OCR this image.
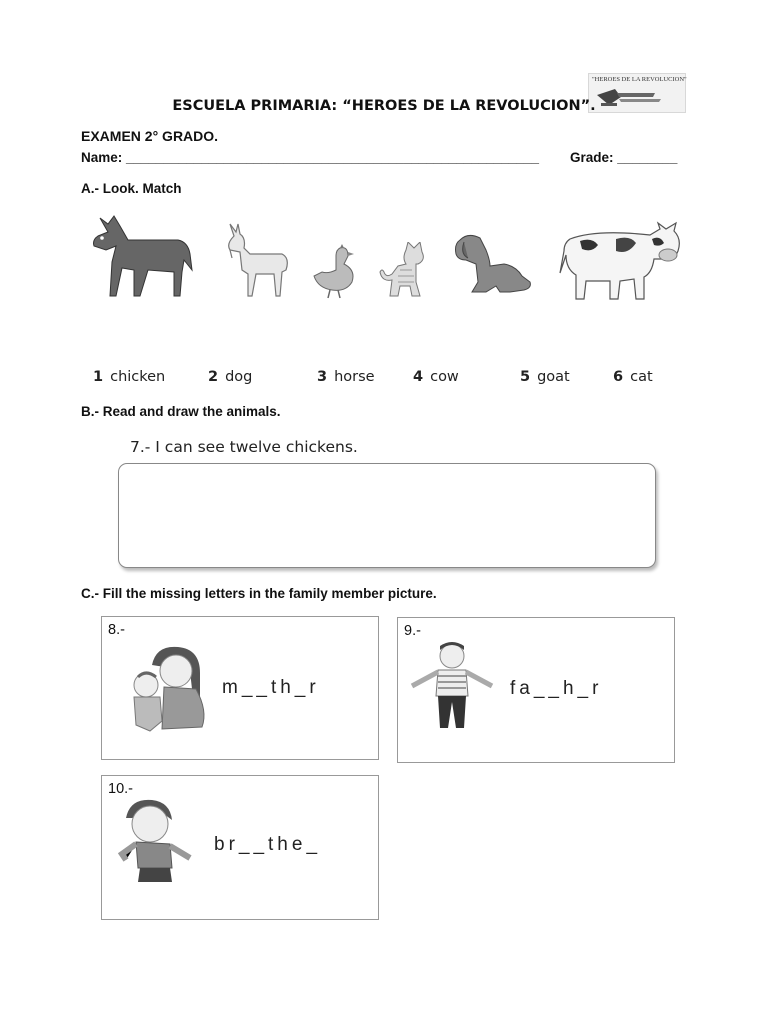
"HEROES DE LA REVOLUCION"
ESCUELA PRIMARIA: “HEROES DE LA REVOLUCION”.
EXAMEN 2° GRADO.
Name: _______________________________________________________ Grade: ________
A.- Look. Match
1 chicken	2 dog	3 horse	4 cow	5 goat	6 cat
B.- Read and draw the animals.
7.- I can see twelve chickens.
C.- Fill the missing letters in the family member picture.
8.-
m__th_r
9.-
fa__h_r
10.-
br__the_
